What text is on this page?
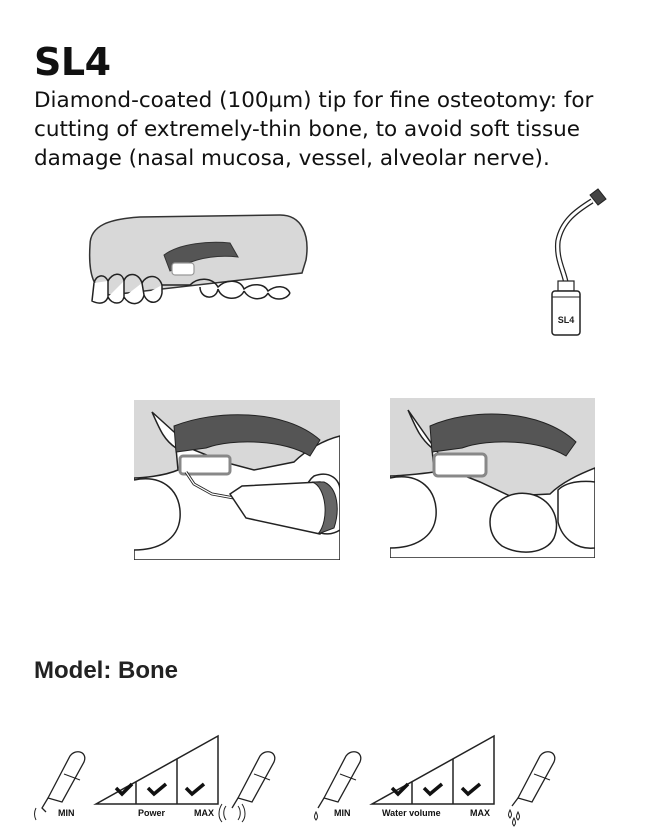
SL4
Diamond-coated (100µm) tip for fine osteotomy: for cutting of extremely-thin bone, to avoid soft tissue damage (nasal mucosa, vessel, alveolar nerve).
SL4
Model: Bone
MIN	Power	MAX	MIN	Water volume	MAX
